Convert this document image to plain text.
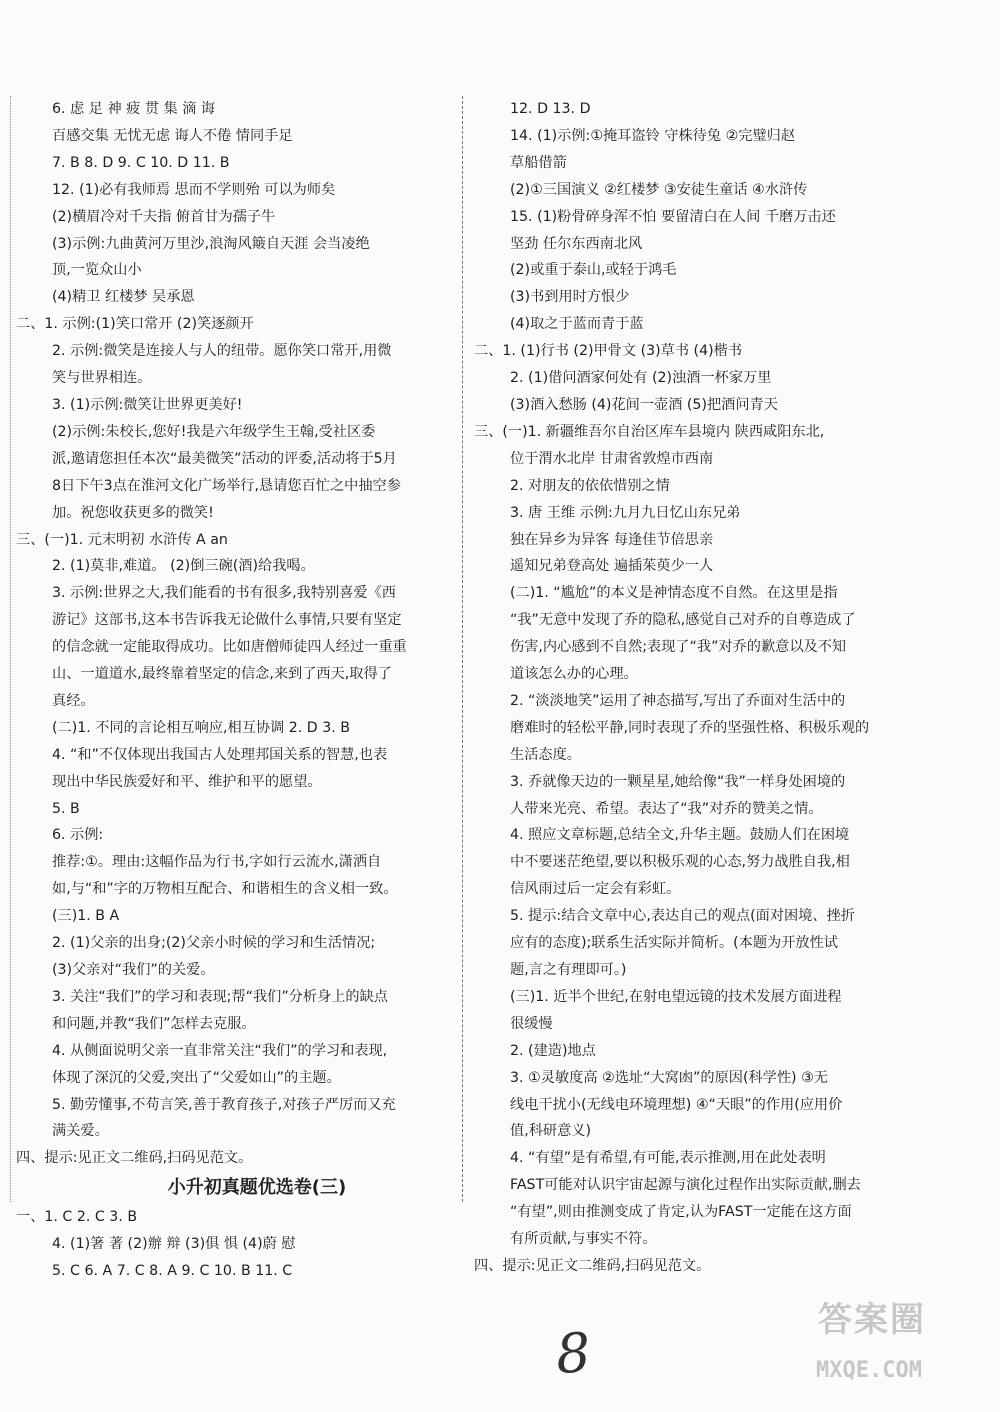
6. 虑 足 神 疲 贯 集 滴 诲
百感交集 无忧无虑 诲人不倦 情同手足
7. B 8. D 9. C 10. D 11. B
12. (1)必有我师焉 思而不学则殆 可以为师矣
(2)横眉冷对千夫指 俯首甘为孺子牛
(3)示例:九曲黄河万里沙,浪淘风簸自天涯 会当凌绝
顶,一览众山小
(4)精卫 红楼梦 吴承恩
二、1. 示例:(1)笑口常开 (2)笑逐颜开
2. 示例:微笑是连接人与人的纽带。愿你笑口常开,用微
笑与世界相连。
3. (1)示例:微笑让世界更美好!
(2)示例:朱校长,您好!我是六年级学生王翰,受社区委
派,邀请您担任本次“最美微笑”活动的评委,活动将于5月
8日下午3点在淮河文化广场举行,恳请您百忙之中抽空参
加。祝您收获更多的微笑!
三、(一)1. 元末明初 水浒传 A an
2. (1)莫非,难道。 (2)倒三碗(酒)给我喝。
3. 示例:世界之大,我们能看的书有很多,我特别喜爱《西
游记》这部书,这本书告诉我无论做什么事情,只要有坚定
的信念就一定能取得成功。比如唐僧师徒四人经过一重重
山、一道道水,最终靠着坚定的信念,来到了西天,取得了
真经。
(二)1. 不同的言论相互响应,相互协调 2. D 3. B
4. “和”不仅体现出我国古人处理邦国关系的智慧,也表
现出中华民族爱好和平、维护和平的愿望。
5. B
6. 示例:
推荐:①。理由:这幅作品为行书,字如行云流水,潇洒自
如,与“和”字的万物相互配合、和谐相生的含义相一致。
(三)1. B A
2. (1)父亲的出身;(2)父亲小时候的学习和生活情况;
(3)父亲对“我们”的关爱。
3. 关注“我们”的学习和表现;帮“我们”分析身上的缺点
和问题,并教“我们”怎样去克服。
4. 从侧面说明父亲一直非常关注“我们”的学习和表现,
体现了深沉的父爱,突出了“父爱如山”的主题。
5. 勤劳懂事,不苟言笑,善于教育孩子,对孩子严厉而又充
满关爱。
四、提示:见正文二维码,扫码见范文。
小升初真题优选卷(三)
一、1. C 2. C 3. B
4. (1)箸 著 (2)辦 辩 (3)俱 惧 (4)蔚 慰
5. C 6. A 7. C 8. A 9. C 10. B 11. C
12. D 13. D
14. (1)示例:①掩耳盗铃 守株待兔 ②完璧归赵
草船借箭
(2)①三国演义 ②红楼梦 ③安徒生童话 ④水浒传
15. (1)粉骨碎身浑不怕 要留清白在人间 千磨万击还
坚劲 任尔东西南北风
(2)或重于泰山,或轻于鸿毛
(3)书到用时方恨少
(4)取之于蓝而青于蓝
二、1. (1)行书 (2)甲骨文 (3)草书 (4)楷书
2. (1)借问酒家何处有 (2)浊酒一杯家万里
(3)酒入愁肠 (4)花间一壶酒 (5)把酒问青天
三、(一)1. 新疆维吾尔自治区库车县境内 陕西咸阳东北,
位于渭水北岸 甘肃省敦煌市西南
2. 对朋友的依依惜别之情
3. 唐 王维 示例:九月九日忆山东兄弟
独在异乡为异客 每逢佳节倍思亲
遥知兄弟登高处 遍插茱萸少一人
(二)1. “尴尬”的本义是神情态度不自然。在这里是指
“我”无意中发现了乔的隐私,感觉自己对乔的自尊造成了
伤害,内心感到不自然;表现了“我”对乔的歉意以及不知
道该怎么办的心理。
2. “淡淡地笑”运用了神态描写,写出了乔面对生活中的
磨难时的轻松平静,同时表现了乔的坚强性格、积极乐观的
生活态度。
3. 乔就像天边的一颗星星,她给像“我”一样身处困境的
人带来光亮、希望。表达了“我”对乔的赞美之情。
4. 照应文章标题,总结全文,升华主题。鼓励人们在困境
中不要迷茫绝望,要以积极乐观的心态,努力战胜自我,相
信风雨过后一定会有彩虹。
5. 提示:结合文章中心,表达自己的观点(面对困境、挫折
应有的态度);联系生活实际并简析。(本题为开放性试
题,言之有理即可。)
(三)1. 近半个世纪,在射电望远镜的技术发展方面进程
很缓慢
2. (建造)地点
3. ①灵敏度高 ②选址“大窝凼”的原因(科学性) ③无
线电干扰小(无线电环境理想) ④“天眼”的作用(应用价
值,科研意义)
4. “有望”是有希望,有可能,表示推测,用在此处表明
FAST可能对认识宇宙起源与演化过程作出实际贡献,删去
“有望”,则由推测变成了肯定,认为FAST一定能在这方面
有所贡献,与事实不符。
四、提示:见正文二维码,扫码见范文。
8
答案圈
MXQE.COM
